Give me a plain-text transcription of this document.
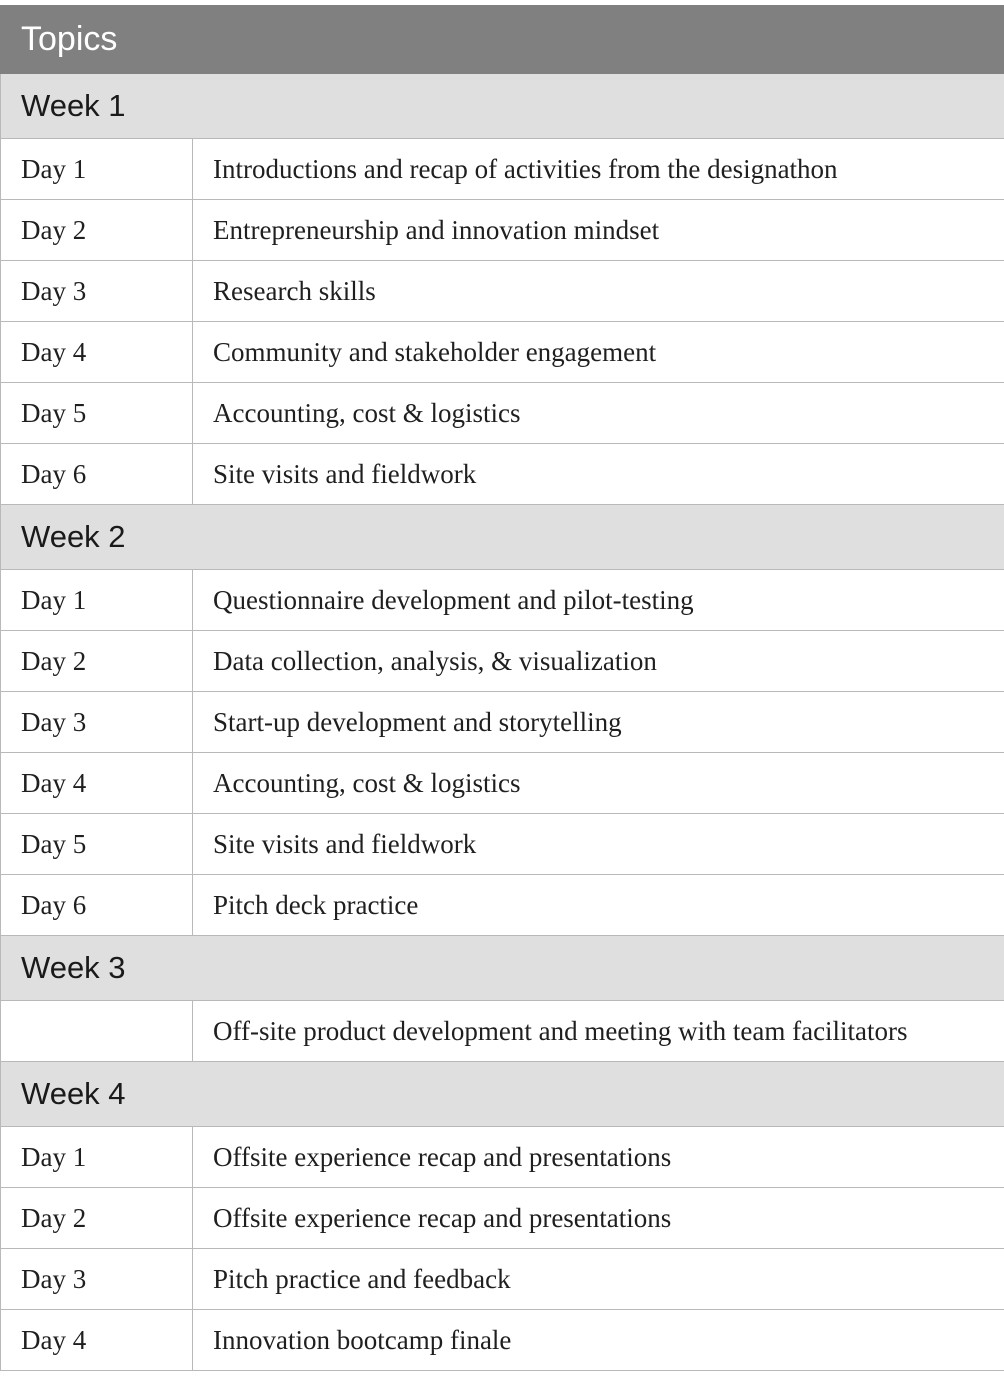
Topics	
Week 1	
Day 1	Introductions and recap of activities from the designathon
Day 2	Entrepreneurship and innovation mindset
Day 3	Research skills
Day 4	Community and stakeholder engagement
Day 5	Accounting, cost & logistics
Day 6	Site visits and fieldwork
Week 2	
Day 1	Questionnaire development and pilot-testing
Day 2	Data collection, analysis, & visualization
Day 3	Start-up development and storytelling
Day 4	Accounting, cost & logistics
Day 5	Site visits and fieldwork
Day 6	Pitch deck practice
Week 3	
	Off-site product development and meeting with team facilitators
Week 4	
Day 1	Offsite experience recap and presentations
Day 2	Offsite experience recap and presentations
Day 3	Pitch practice and feedback
Day 4	Innovation bootcamp finale
